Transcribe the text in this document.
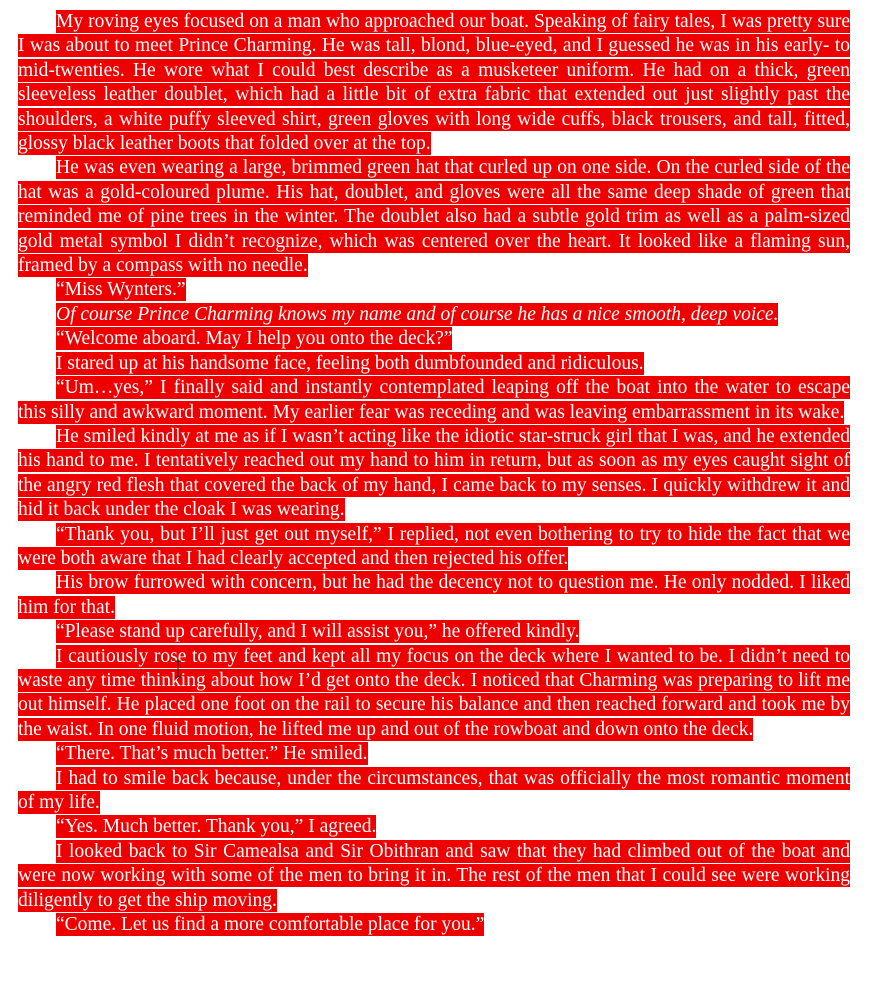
My roving eyes focused on a man who approached our boat. Speaking of fairy tales, I was pretty sure I was about to meet Prince Charming. He was tall, blond, blue-eyed, and I guessed he was in his early- to mid-twenties. He wore what I could best describe as a musketeer uniform. He had on a thick, green sleeveless leather doublet, which had a little bit of extra fabric that extended out just slightly past the shoulders, a white puffy sleeved shirt, green gloves with long wide cuffs, black trousers, and tall, fitted, glossy black leather boots that folded over at the top.

He was even wearing a large, brimmed green hat that curled up on one side. On the curled side of the hat was a gold-coloured plume. His hat, doublet, and gloves were all the same deep shade of green that reminded me of pine trees in the winter. The doublet also had a subtle gold trim as well as a palm-sized gold metal symbol I didn’t recognize, which was centered over the heart. It looked like a flaming sun, framed by a compass with no needle.

“Miss Wynters.”

Of course Prince Charming knows my name and of course he has a nice smooth, deep voice.

“Welcome aboard. May I help you onto the deck?”

I stared up at his handsome face, feeling both dumbfounded and ridiculous.

“Um…yes,” I finally said and instantly contemplated leaping off the boat into the water to escape this silly and awkward moment. My earlier fear was receding and was leaving embarrassment in its wake.

He smiled kindly at me as if I wasn’t acting like the idiotic star-struck girl that I was, and he extended his hand to me. I tentatively reached out my hand to him in return, but as soon as my eyes caught sight of the angry red flesh that covered the back of my hand, I came back to my senses. I quickly withdrew it and hid it back under the cloak I was wearing.

“Thank you, but I’ll just get out myself,” I replied, not even bothering to try to hide the fact that we were both aware that I had clearly accepted and then rejected his offer.

His brow furrowed with concern, but he had the decency not to question me. He only nodded. I liked him for that.

“Please stand up carefully, and I will assist you,” he offered kindly.

I cautiously rose to my feet and kept all my focus on the deck where I wanted to be. I didn’t need to waste any time thinking about how I’d get onto the deck. I noticed that Charming was preparing to lift me out himself. He placed one foot on the rail to secure his balance and then reached forward and took me by the waist. In one fluid motion, he lifted me up and out of the rowboat and down onto the deck.

“There. That’s much better.” He smiled.

I had to smile back because, under the circumstances, that was officially the most romantic moment of my life.

“Yes. Much better. Thank you,” I agreed.

I looked back to Sir Camealsa and Sir Obithran and saw that they had climbed out of the boat and were now working with some of the men to bring it in. The rest of the men that I could see were working diligently to get the ship moving.

“Come. Let us find a more comfortable place for you.”
